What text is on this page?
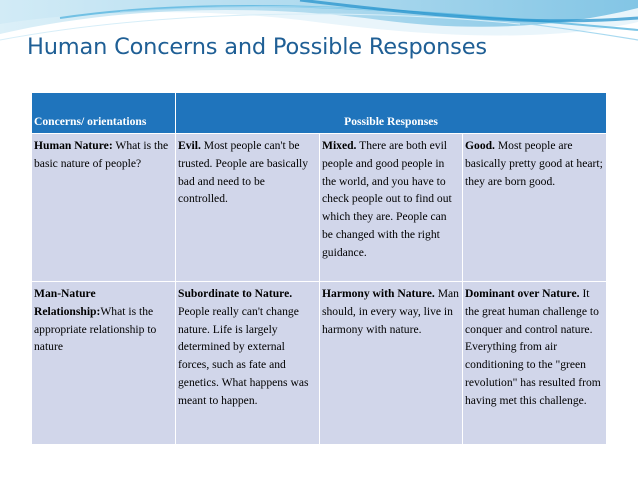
Human Concerns and Possible Responses
Concerns/ orientations	Possible Responses		
Human Nature: What is the basic nature of people?	Evil. Most people can't be trusted. People are basically bad and need to be controlled.	Mixed. There are both evil people and good people in the world, and you have to check people out to find out which they are. People can be changed with the right guidance.	Good. Most people are basically pretty good at heart; they are born good.
Man-Nature Relationship:What is the appropriate relationship to nature	Subordinate to Nature. People really can't change nature. Life is largely determined by external forces, such as fate and genetics. What happens was meant to happen.	Harmony with Nature. Man should, in every way, live in harmony with nature.	Dominant over Nature. It the great human challenge to conquer and control nature. Everything from air conditioning to the "green revolution" has resulted from having met this challenge.
